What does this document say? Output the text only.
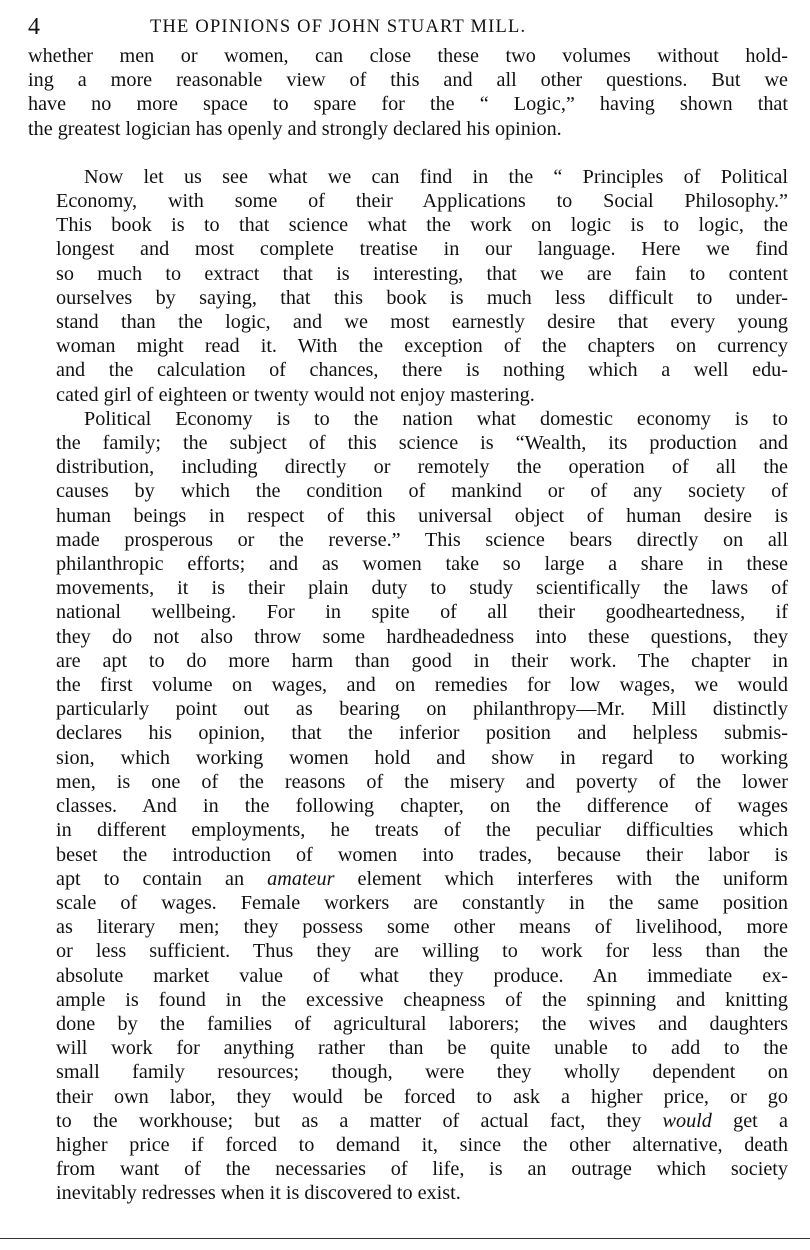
4	THE OPINIONS OF JOHN STUART MILL.

whether men or women, can close these two volumes without hold-
ing a more reasonable view of this and all other questions. But we
have no more space to spare for the “ Logic,” having shown that
the greatest logician has openly and strongly declared his opinion.

Now let us see what we can find in the “ Principles of Political
Economy, with some of their Applications to Social Philosophy.”
This book is to that science what the work on logic is to logic, the
longest and most complete treatise in our language. Here we find
so much to extract that is interesting, that we are fain to content
ourselves by saying, that this book is much less difficult to under-
stand than the logic, and we most earnestly desire that every young
woman might read it. With the exception of the chapters on currency
and the calculation of chances, there is nothing which a well edu-
cated girl of eighteen or twenty would not enjoy mastering.

Political Economy is to the nation what domestic economy is to
the family; the subject of this science is “Wealth, its production and
distribution, including directly or remotely the operation of all the
causes by which the condition of mankind or of any society of
human beings in respect of this universal object of human desire is
made prosperous or the reverse.” This science bears directly on all
philanthropic efforts; and as women take so large a share in these
movements, it is their plain duty to study scientifically the laws of
national wellbeing. For in spite of all their goodheartedness, if
they do not also throw some hardheadedness into these questions, they
are apt to do more harm than good in their work. The chapter in
the first volume on wages, and on remedies for low wages, we would
particularly point out as bearing on philanthropy—Mr. Mill distinctly
declares his opinion, that the inferior position and helpless submis-
sion, which working women hold and show in regard to working
men, is one of the reasons of the misery and poverty of the lower
classes. And in the following chapter, on the difference of wages
in different employments, he treats of the peculiar difficulties which
beset the introduction of women into trades, because their labor is
apt to contain an amateur element which interferes with the uniform
scale of wages. Female workers are constantly in the same position
as literary men; they possess some other means of livelihood, more
or less sufficient. Thus they are willing to work for less than the
absolute market value of what they produce. An immediate ex-
ample is found in the excessive cheapness of the spinning and knitting
done by the families of agricultural laborers; the wives and daughters
will work for anything rather than be quite unable to add to the
small family resources; though, were they wholly dependent on
their own labor, they would be forced to ask a higher price, or go
to the workhouse; but as a matter of actual fact, they would get a
higher price if forced to demand it, since the other alternative, death
from want of the necessaries of life, is an outrage which society
inevitably redresses when it is discovered to exist.
